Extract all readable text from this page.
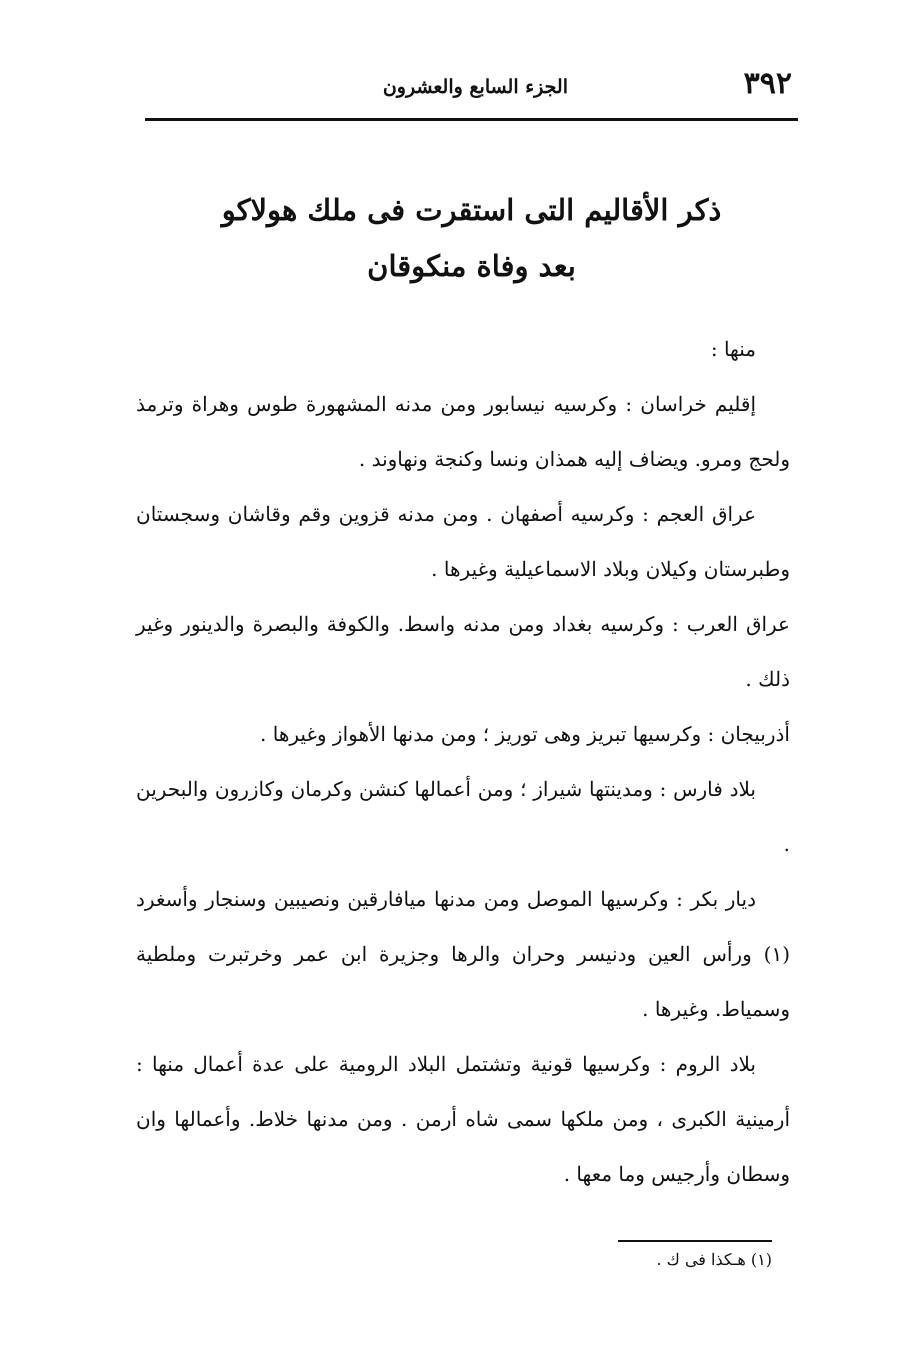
٣٩٢
الجزء السابع والعشرون
ذكر الأقاليم التى استقرت فى ملك هولاكو
بعد وفاة منكوقان

منها :

إقليم خراسان : وكرسيه نيسابور ومن مدنه المشهورة طوس وهراة وترمذ ولحج ومرو. ويضاف إليه همذان ونسا وكنجة ونهاوند .

عراق العجم : وكرسيه أصفهان . ومن مدنه قزوين وقم وقاشان وسجستان وطبرستان وكيلان وبلاد الاسماعيلية وغيرها .

عراق العرب : وكرسيه بغداد ومن مدنه واسط. والكوفة والبصرة والدينور وغير ذلك .

أذربيجان : وكرسيها تبريز وهى توريز ؛ ومن مدنها الأهواز وغيرها .

بلاد فارس : ومدينتها شيراز ؛ ومن أعمالها كنشن وكرمان وكازرون والبحرين .

ديار بكر : وكرسيها الموصل ومن مدنها ميافارقين ونصيبين وسنجار وأسغرد (١) ورأس العين ودنيسر وحران والرها وجزيرة ابن عمر وخرتبرت وملطية وسمياط. وغيرها .

بلاد الروم : وكرسيها قونية وتشتمل البلاد الرومية على عدة أعمال منها : أرمينية الكبرى ، ومن ملكها سمى شاه أرمن . ومن مدنها خلاط. وأعمالها وان وسطان وأرجيس وما معها .

(١) هـكذا فى ك .
